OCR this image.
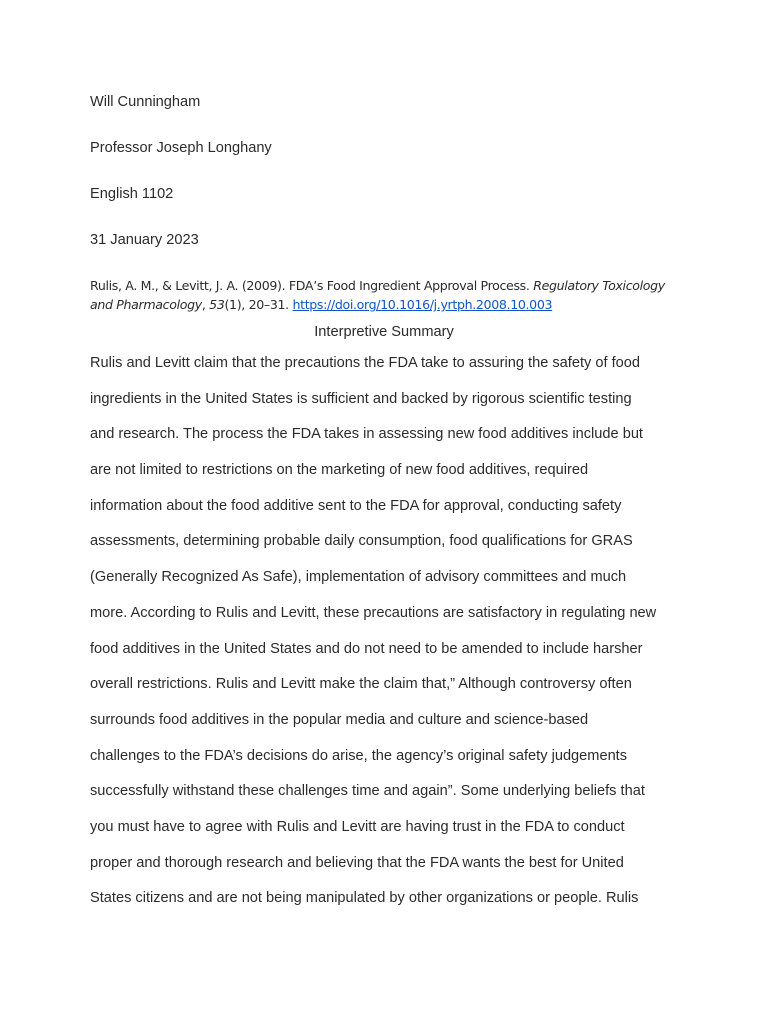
Will Cunningham
Professor Joseph Longhany
English 1102
31 January 2023
Rulis, A. M., & Levitt, J. A. (2009). FDA’s Food Ingredient Approval Process. Regulatory Toxicology
and Pharmacology, 53(1), 20–31. https://doi.org/10.1016/j.yrtph.2008.10.003
Interpretive Summary
Rulis and Levitt claim that the precautions the FDA take to assuring the safety of food
ingredients in the United States is sufficient and backed by rigorous scientific testing
and research. The process the FDA takes in assessing new food additives include but
are not limited to restrictions on the marketing of new food additives, required
information about the food additive sent to the FDA for approval, conducting safety
assessments, determining probable daily consumption, food qualifications for GRAS
(Generally Recognized As Safe), implementation of advisory committees and much
more. According to Rulis and Levitt, these precautions are satisfactory in regulating new
food additives in the United States and do not need to be amended to include harsher
overall restrictions. Rulis and Levitt make the claim that,” Although controversy often
surrounds food additives in the popular media and culture and science-based
challenges to the FDA’s decisions do arise, the agency’s original safety judgements
successfully withstand these challenges time and again”. Some underlying beliefs that
you must have to agree with Rulis and Levitt are having trust in the FDA to conduct
proper and thorough research and believing that the FDA wants the best for United
States citizens and are not being manipulated by other organizations or people. Rulis
